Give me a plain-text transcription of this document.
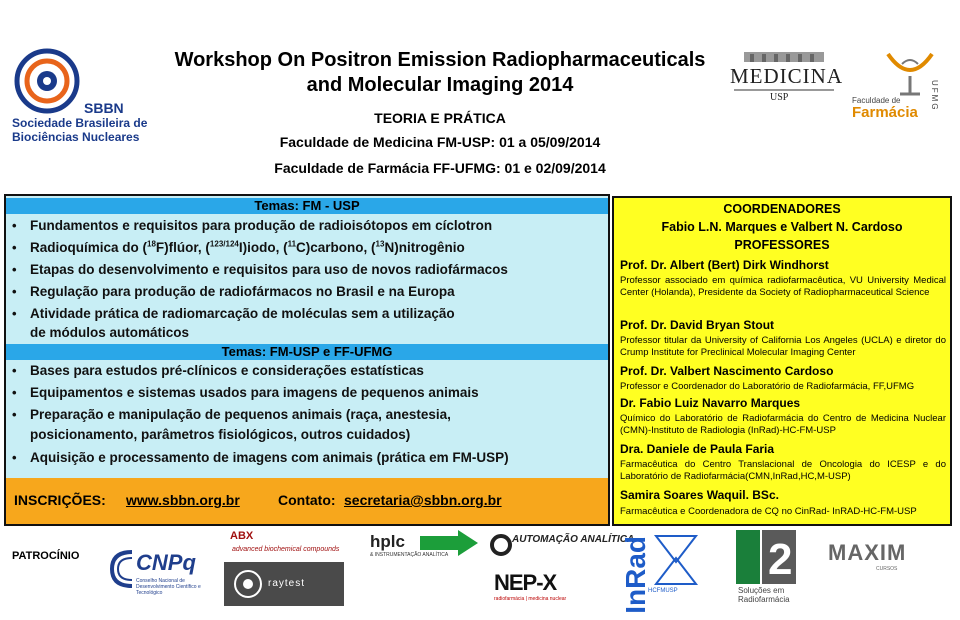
SBBN
Sociedade Brasileira de Biociências Nucleares
Workshop On Positron Emission Radiopharmaceuticals and Molecular Imaging 2014
TEORIA E PRÁTICA
Faculdade de Medicina FM-USP: 01 a 05/09/2014
Faculdade de Farmácia FF-UFMG: 01 e 02/09/2014
MEDICINA
USP	Faculdade de
Farmácia
UFMG
Temas: FM - USP
• Fundamentos e requisitos para produção de radioisótopos em cíclotron
• Radioquímica do ($^{18}$F)flúor, ($^{123/124}$I)iodo, ($^{11}$C)carbono, ($^{13}$N)nitrogênio
• Etapas do desenvolvimento e requisitos para uso de novos radiofármacos
• Regulação para produção de radiofármacos no Brasil e na Europa
• Atividade prática de radiomarcação de moléculas sem a utilização
de módulos automáticos
Temas: FM-USP e FF-UFMG
• Bases para estudos pré-clínicos e considerações estatísticas
• Equipamentos e sistemas usados para imagens de pequenos animais
• Preparação e manipulação de pequenos animais (raça, anestesia,
posicionamento, parâmetros fisiológicos, outros cuidados)
• Aquisição e processamento de imagens com animais (prática em FM-USP)
INSCRIÇÕES: www.sbbn.org.br	Contato: secretaria@sbbn.org.br
COORDENADORES
Fabio L.N. Marques e Valbert N. Cardoso
PROFESSORES
Prof. Dr. Albert (Bert) Dirk Windhorst
Professor associado em química radiofarmacêutica, VU University Medical Center (Holanda), Presidente da Society of Radiopharmaceutical Science
Prof. Dr. David Bryan Stout
Professor titular da University of California Los Angeles (UCLA) e diretor do Crump Institute for Preclinical Molecular Imaging Center
Prof. Dr. Valbert Nascimento Cardoso
Professor e Coordenador do Laboratório de Radiofarmácia, FF,UFMG
Dr. Fabio Luiz Navarro Marques
Químico do Laboratório de Radiofarmácia do Centro de Medicina Nuclear (CMN)-Instituto de Radiologia (InRad)-HC-FM-USP
Dra. Daniele de Paula Faria
Farmacêutica do Centro Translacional de Oncologia do ICESP e do Laboratório de Radiofarmácia(CMN,InRad,HC,M-USP)
Samira Soares Waquil. BSc.
Farmacêutica e Coordenadora de CQ no CinRad- InRAD-HC-FM-USP
PATROCÍNIO	CNPq
Conselho Nacional de Desenvolvimento Científico e Tecnológico
ABX
advanced biochemical compounds
raytest
hplc
& INSTRUMENTAÇÃO ANALÍTICA
AUTOMAÇÃO ANALÍTICA
NEP-X
radiofarmácia | medicina nuclear InRad
HCFMUSP
2
Soluções em Radiofarmácia
MAXIM
CURSOS
